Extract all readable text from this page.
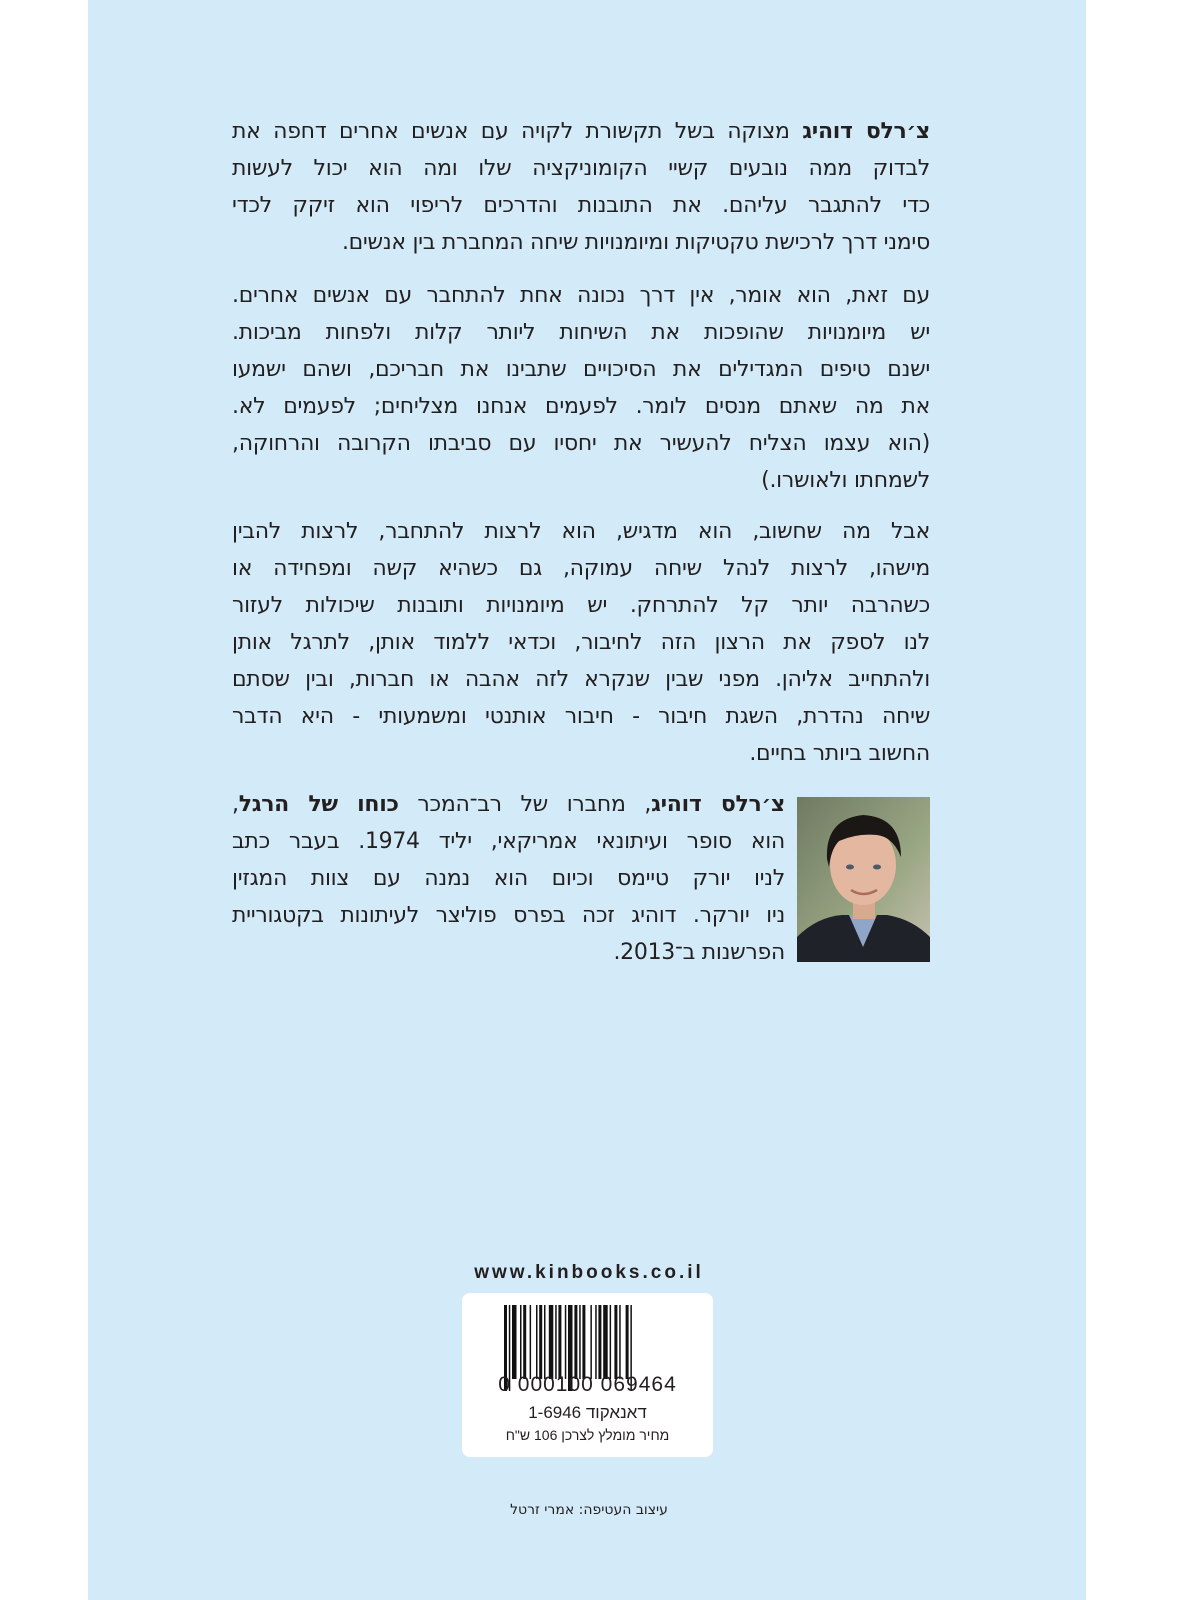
צ׳רלס דוהיג מצוקה בשל תקשורת לקויה עם אנשים אחרים דחפה את
לבדוק ממה נובעים קשיי הקומוניקציה שלו ומה הוא יכול לעשות
כדי להתגבר עליהם. את התובנות והדרכים לריפוי הוא זיקק לכדי
סימני דרך לרכישת טקטיקות ומיומנויות שיחה המחברת בין אנשים.
עם זאת, הוא אומר, אין דרך נכונה אחת להתחבר עם אנשים אחרים.
יש מיומנויות שהופכות את השיחות ליותר קלות ולפחות מביכות.
ישנם טיפים המגדילים את הסיכויים שתבינו את חבריכם, ושהם ישמעו
את מה שאתם מנסים לומר. לפעמים אנחנו מצליחים; לפעמים לא.
(הוא עצמו הצליח להעשיר את יחסיו עם סביבתו הקרובה והרחוקה,
לשמחתו ולאושרו.)
אבל מה שחשוב, הוא מדגיש, הוא לרצות להתחבר, לרצות להבין
מישהו, לרצות לנהל שיחה עמוקה, גם כשהיא קשה ומפחידה או
כשהרבה יותר קל להתרחק. יש מיומנויות ותובנות שיכולות לעזור
לנו לספק את הרצון הזה לחיבור, וכדאי ללמוד אותן, לתרגל אותן
ולהתחייב אליהן. מפני שבין שנקרא לזה אהבה או חברות, ובין שסתם
שיחה נהדרת, השגת חיבור - חיבור אותנטי ומשמעותי - היא הדבר
החשוב ביותר בחיים.
צ׳רלס דוהיג, מחברו של רב־המכר כוחו של הרגל,
הוא סופר ועיתונאי אמריקאי, יליד 1974. בעבר כתב
לניו יורק טיימס וכיום הוא נמנה עם צוות המגזין
ניו יורקר. דוהיג זכה בפרס פוליצר לעיתונות בקטגוריית
הפרשנות ב־2013.
www.kinbooks.co.il
0 000100 069464
דאנאקוד 1-6946
מחיר מומלץ לצרכן 106 ש"ח
עיצוב העטיפה: אמרי זרטל
